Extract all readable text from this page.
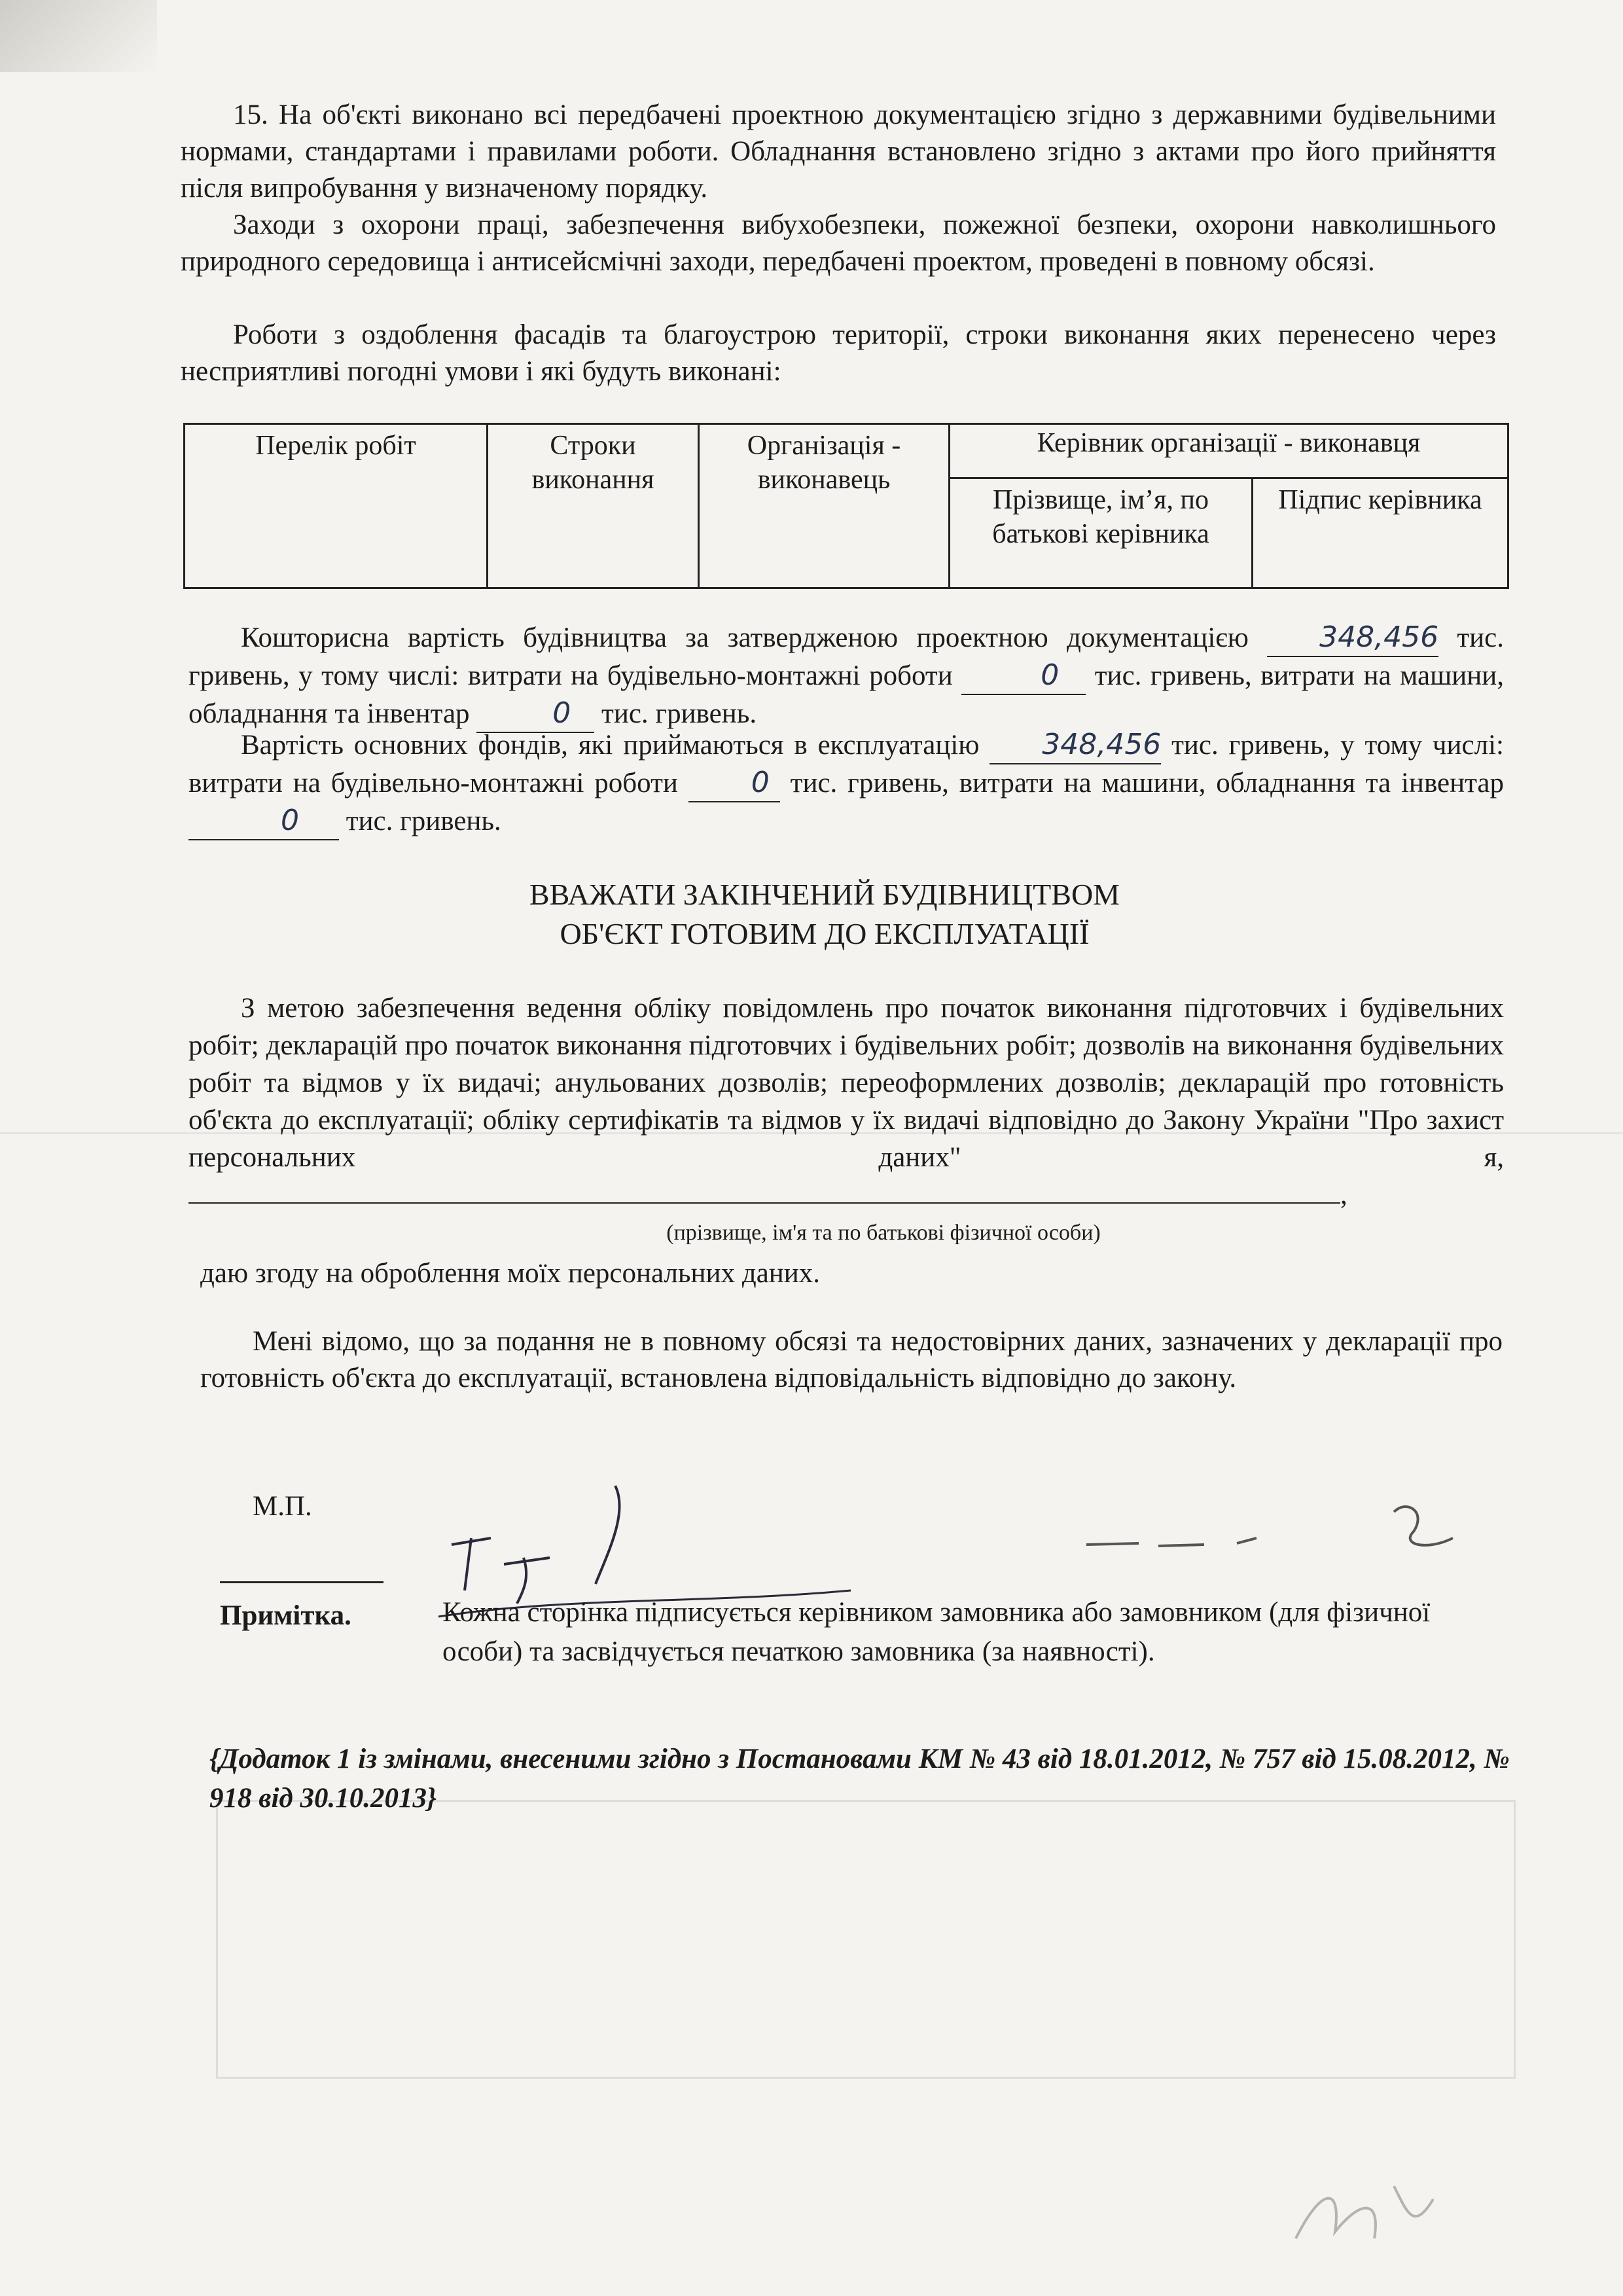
15. На об'єкті виконано всі передбачені проектною документацією згідно з державними будівельними нормами, стандартами і правилами роботи. Обладнання встановлено згідно з актами про його прийняття після випробування у визначеному порядку.
Заходи з охорони праці, забезпечення вибухобезпеки, пожежної безпеки, охорони навколишнього природного середовища і антисейсмічні заходи, передбачені проектом, проведені в повному обсязі.
Роботи з оздоблення фасадів та благоустрою території, строки виконання яких перенесено через несприятливі погодні умови і які будуть виконані:
Перелік робіт	Строки виконання	Організація - виконавець	Керівник організації - виконавця	
			Прізвище, ім’я, по батькові керівника	Підпис керівника
Кошторисна вартість будівництва за затвердженою проектною документацією 348,456 тис. гривень, у тому числі: витрати на будівельно-монтажні роботи	0 тис. гривень, витрати на машини, обладнання та інвентар	0 тис. гривень.
Вартість основних фондів, які приймаються в експлуатацію 348,456 тис. гривень, у тому числі: витрати на будівельно-монтажні роботи	0 тис. гривень, витрати на машини, обладнання та інвентар 0 тис. гривень.
ВВАЖАТИ ЗАКІНЧЕНИЙ БУДІВНИЦТВОМ
ОБ'ЄКТ ГОТОВИМ ДО ЕКСПЛУАТАЦІЇ
З метою забезпечення ведення обліку повідомлень про початок виконання підготовчих і будівельних робіт; декларацій про початок виконання підготовчих і будівельних робіт; дозволів на виконання будівельних робіт та відмов у їх видачі; анульованих дозволів; переоформлених дозволів; декларацій про готовність об'єкта до експлуатації; обліку сертифікатів та відмов у їх видачі відповідно до Закону України "Про захист персональних даних" я, ,
(прізвище, ім'я та по батькові фізичної особи)
даю згоду на оброблення моїх персональних даних.
Мені відомо, що за подання не в повному обсязі та недостовірних даних, зазначених у декларації про готовність об'єкта до експлуатації, встановлена відповідальність відповідно до закону.
М.П.
Примітка.	Кожна сторінка підписується керівником замовника або замовником (для фізичної особи) та засвідчується печаткою замовника (за наявності).
{Додаток 1 із змінами, внесеними згідно з Постановами КМ № 43 від 18.01.2012, № 757 від 15.08.2012, № 918 від 30.10.2013}
